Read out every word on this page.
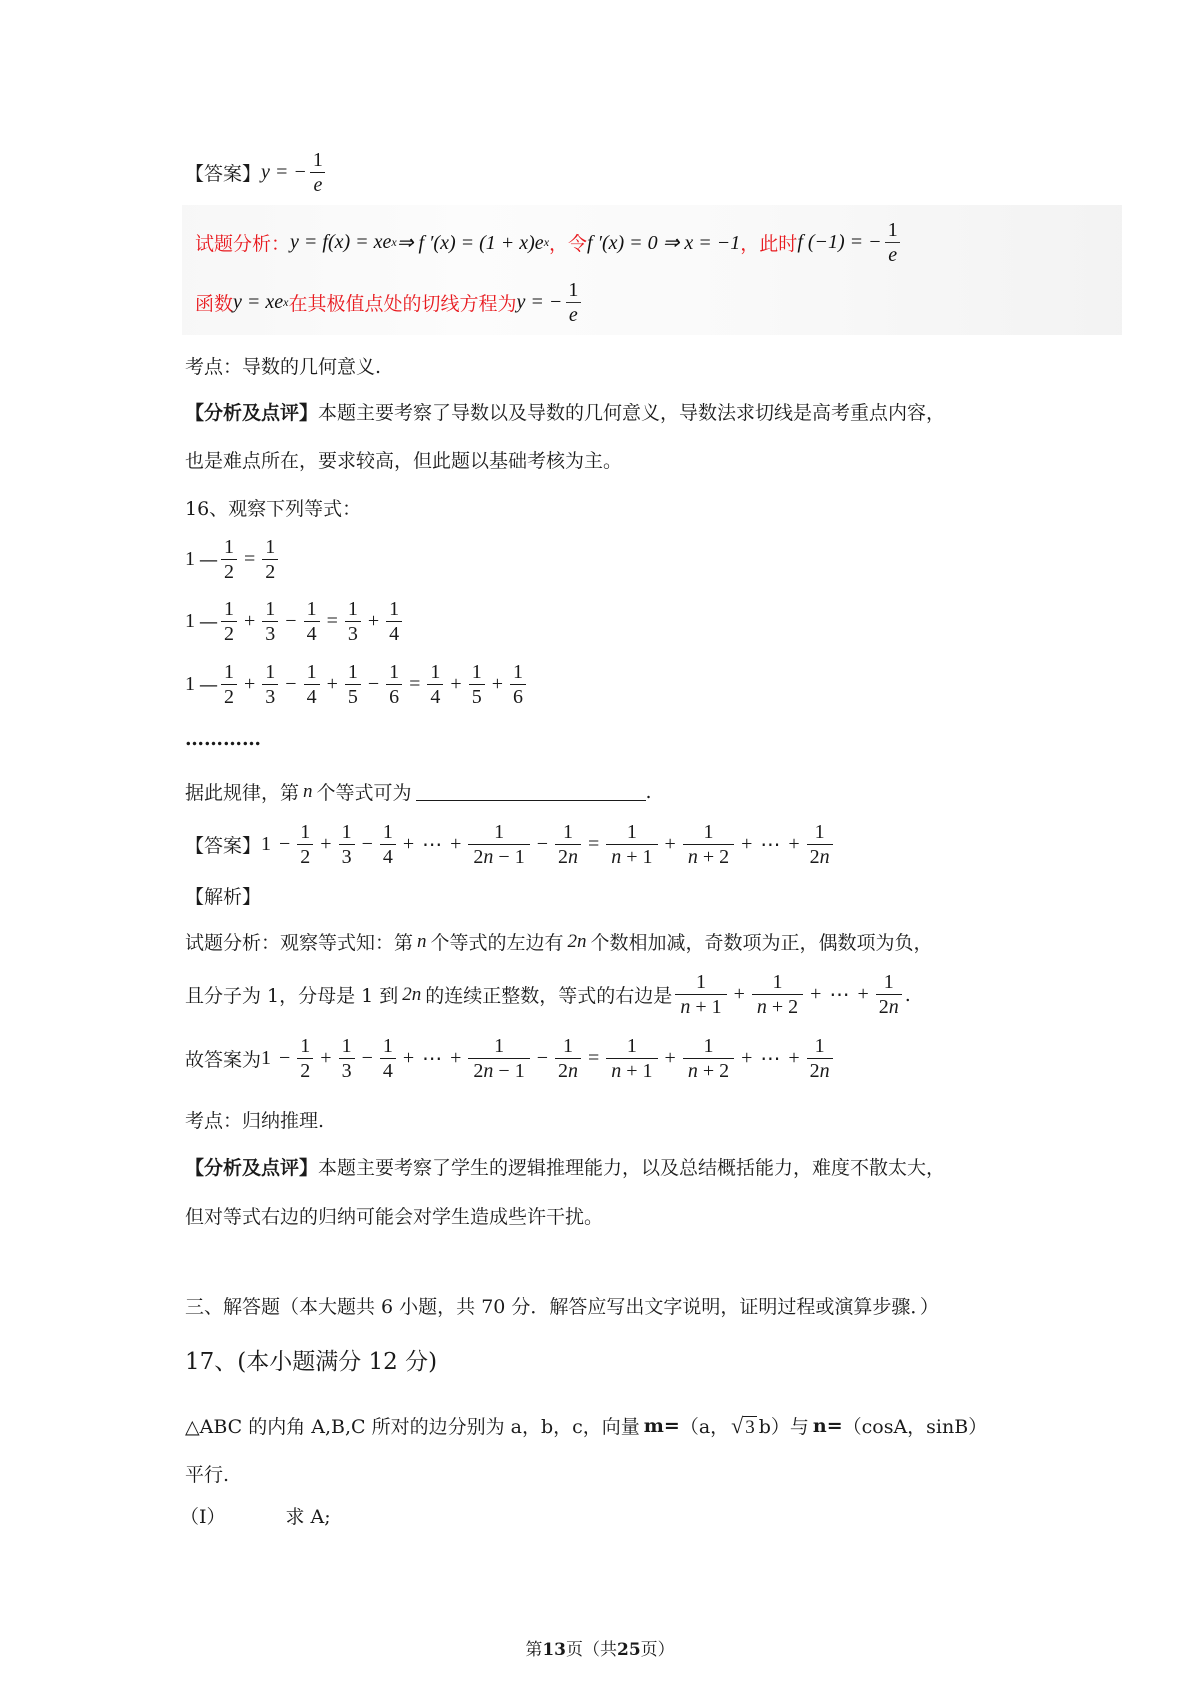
【答案】 y = − $\frac{1}{e}$
试题分析： y = f(x) = xe x ⇒ f ′(x) = (1 + x)e x ，令 f ′(x) = 0 ⇒ x = −1 ，此时 f (−1) = − $\frac{1}{e}$
函数 y = xe x 在其极值点处的切线方程为 y = − $\frac{1}{e}$
考点：导数的几何意义.
【分析及点评】本题主要考察了导数以及导数的几何意义，导数法求切线是高考重点内容，
也是难点所在，要求较高，但此题以基础考核为主。
16、观察下列等式：
1 — $\frac{1}{2} = \frac{1}{2}$
1 — $\frac{1}{2} + \frac{1}{3} - \frac{1}{4} = \frac{1}{3} + \frac{1}{4}$
1 — $\frac{1}{2} + \frac{1}{3} - \frac{1}{4} + \frac{1}{5} - \frac{1}{6} = \frac{1}{4} + \frac{1}{5} + \frac{1}{6}$
…………
据此规律，第 n 个等式可为	.
【答案】 $1 - \frac{1}{2} + \frac{1}{3} - \frac{1}{4}$ + ⋯ + $\frac{1}{2n - 1} - \frac{1}{2n} = \frac{1}{n + 1} + \frac{1}{n + 2}$ + ⋯ + $\frac{1}{2n}$
【解析】
试题分析：观察等式知：第 n 个等式的左边有 2n 个数相加减，奇数项为正，偶数项为负，
且分子为 1，分母是 1 到 2n 的连续正整数，等式的右边是 $\frac{1}{n + 1} + \frac{1}{n + 2}$ + ⋯ + $\frac{1}{2n}$ .
故答案为 $1 - \frac{1}{2} + \frac{1}{3} - \frac{1}{4}$ + ⋯ + $\frac{1}{2n - 1} - \frac{1}{2n} = \frac{1}{n + 1} + \frac{1}{n + 2}$ + ⋯ + $\frac{1}{2n}$
考点：归纳推理.
【分析及点评】本题主要考察了学生的逻辑推理能力，以及总结概括能力，难度不散太大，
但对等式右边的归纳可能会对学生造成些许干扰。
三、解答题（本大题共 6 小题，共 70 分．解答应写出文字说明，证明过程或演算步骤．）
17、(本小题满分 12 分)
△ABC 的内角 A,B,C 所对的边分别为 a，b，c，向量 m= （a， √ 3 b）与 n= （cosA，sinB）
平行.
（I）	求 A;
第13页（共25页）
